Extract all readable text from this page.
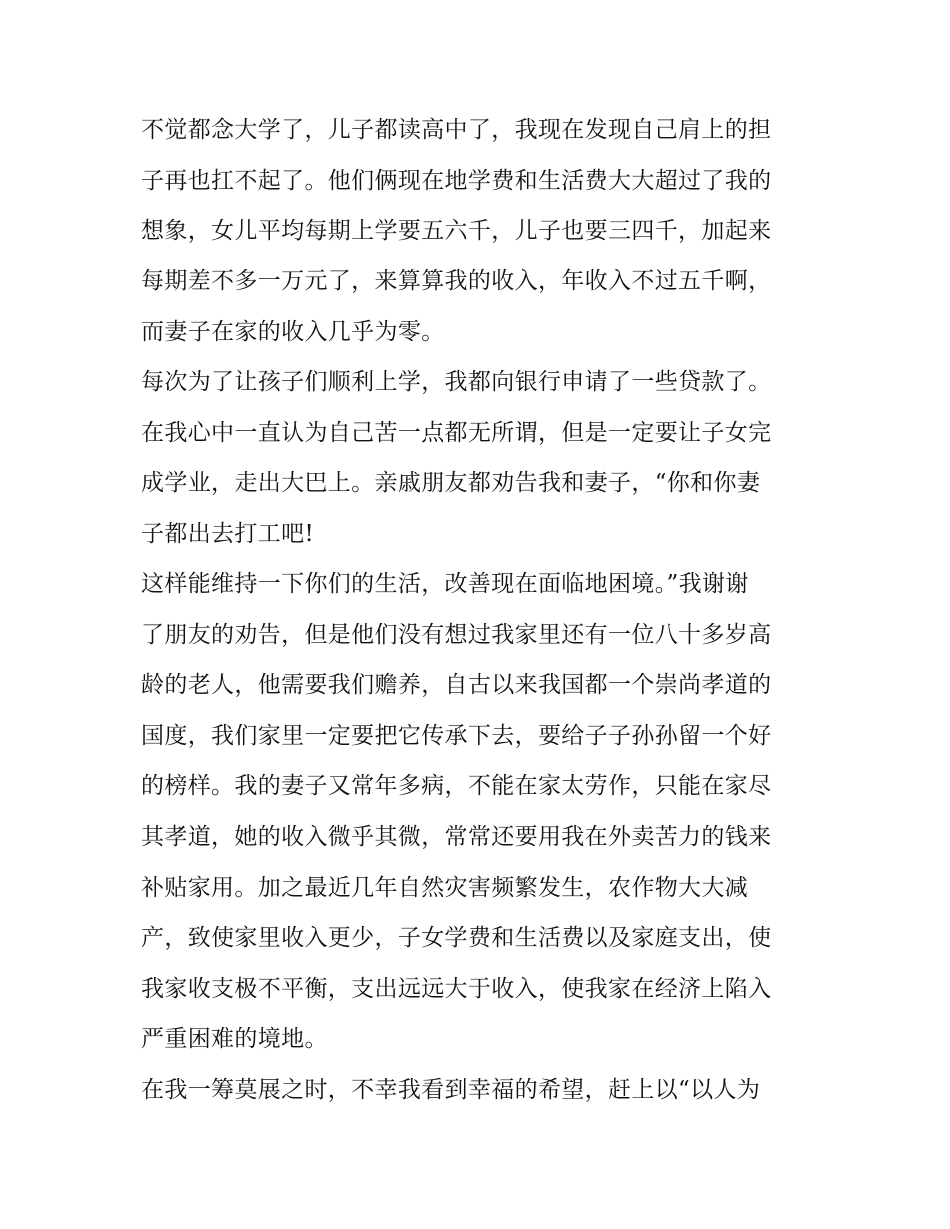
不觉都念大学了，儿子都读高中了，我现在发现自己肩上的担
子再也扛不起了。他们俩现在地学费和生活费大大超过了我的
想象，女儿平均每期上学要五六千，儿子也要三四千，加起来
每期差不多一万元了，来算算我的收入，年收入不过五千啊，
而妻子在家的收入几乎为零。
每次为了让孩子们顺利上学，我都向银行申请了一些贷款了。
在我心中一直认为自己苦一点都无所谓，但是一定要让子女完
成学业，走出大巴上。亲戚朋友都劝告我和妻子，“你和你妻
子都出去打工吧!
这样能维持一下你们的生活，改善现在面临地困境。”我谢谢
了朋友的劝告，但是他们没有想过我家里还有一位八十多岁高
龄的老人，他需要我们赡养，自古以来我国都一个崇尚孝道的
国度，我们家里一定要把它传承下去，要给子子孙孙留一个好
的榜样。我的妻子又常年多病，不能在家太劳作，只能在家尽
其孝道，她的收入微乎其微，常常还要用我在外卖苦力的钱来
补贴家用。加之最近几年自然灾害频繁发生，农作物大大减
产，致使家里收入更少，子女学费和生活费以及家庭支出，使
我家收支极不平衡，支出远远大于收入，使我家在经济上陷入
严重困难的境地。
在我一筹莫展之时，不幸我看到幸福的希望，赶上以“以人为
